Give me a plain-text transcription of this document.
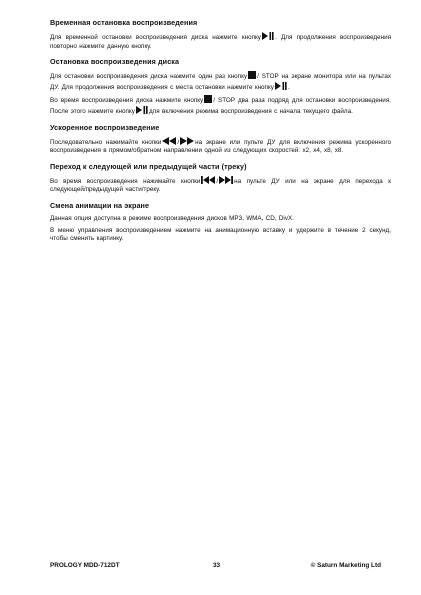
Временная остановка воспроизведения

Для временной остановки воспроизведения диска нажмите кнопку . Для продолжения воспроизведения повторно нажмите данную кнопку.

Остановка воспроизведения диска

Для остановки воспроизведения диска нажмите один раз кнопку / STOP на экране монитора или на пультах ДУ. Для продолжения воспроизведения с места остановки нажмите кнопку .

Во время воспроизведения диска нажмите кнопку / STOP два раза подряд для остановки воспроизведения. После этого нажмите кнопку для включения режима воспроизведения с начала текущего файла.

Ускоренное воспроизведение

Последовательно нажимайте кнопки	/	на экране или пульте ДУ для включения режима ускоренного воспроизведения в прямом/обратном направлении одной из следующих скоростей: x2, x4, x8, x8.

Переход к следующей или предыдущей части (треку)

Во время воспроизведения нажимайте кнопки	/	на пульте ДУ или на экране для перехода к следующей/предыдущей части/треку.

Смена анимации на экране

Данная опция доступна в режиме воспроизведения дисков MP3, WMA, CD, DivX.

В меню управления воспроизведением нажмите на анимационную вставку и удержите в течение 2 секунд, чтобы сменить картинку.

PROLOGY MDD-712DT	33	© Saturn Marketing Ltd
